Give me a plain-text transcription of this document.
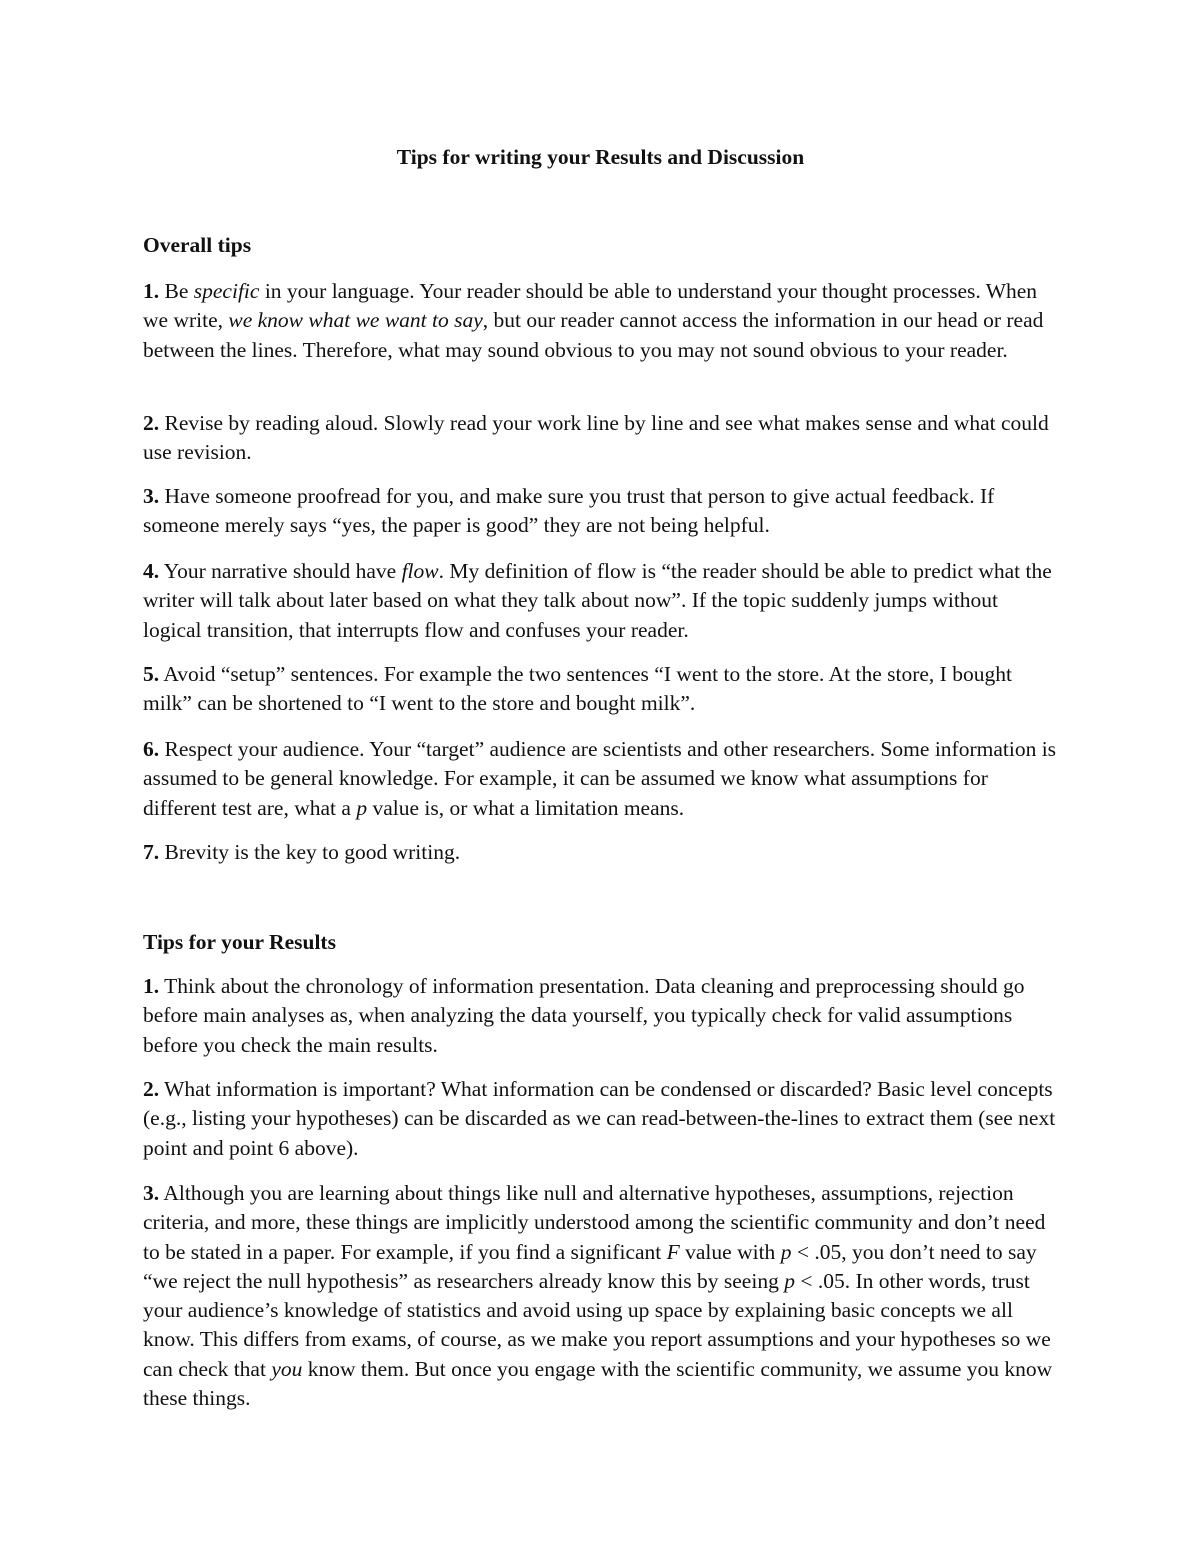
Tips for writing your Results and Discussion
Overall tips

1. Be specific in your language. Your reader should be able to understand your thought processes. When we write, we know what we want to say, but our reader cannot access the information in our head or read between the lines. Therefore, what may sound obvious to you may not sound obvious to your reader.

2. Revise by reading aloud. Slowly read your work line by line and see what makes sense and what could use revision.

3. Have someone proofread for you, and make sure you trust that person to give actual feedback. If someone merely says “yes, the paper is good” they are not being helpful.

4. Your narrative should have flow. My definition of flow is “the reader should be able to predict what the writer will talk about later based on what they talk about now”. If the topic suddenly jumps without logical transition, that interrupts flow and confuses your reader.

5. Avoid “setup” sentences. For example the two sentences “I went to the store. At the store, I bought milk” can be shortened to “I went to the store and bought milk”.

6. Respect your audience. Your “target” audience are scientists and other researchers. Some information is assumed to be general knowledge. For example, it can be assumed we know what assumptions for different test are, what a p value is, or what a limitation means.

7. Brevity is the key to good writing.

Tips for your Results

1. Think about the chronology of information presentation. Data cleaning and preprocessing should go before main analyses as, when analyzing the data yourself, you typically check for valid assumptions before you check the main results.

2. What information is important? What information can be condensed or discarded? Basic level concepts (e.g., listing your hypotheses) can be discarded as we can read-between-the-lines to extract them (see next point and point 6 above).

3. Although you are learning about things like null and alternative hypotheses, assumptions, rejection criteria, and more, these things are implicitly understood among the scientific community and don’t need to be stated in a paper. For example, if you find a significant F value with p < .05, you don’t need to say “we reject the null hypothesis” as researchers already know this by seeing p < .05. In other words, trust your audience’s knowledge of statistics and avoid using up space by explaining basic concepts we all know. This differs from exams, of course, as we make you report assumptions and your hypotheses so we can check that you know them. But once you engage with the scientific community, we assume you know these things.
